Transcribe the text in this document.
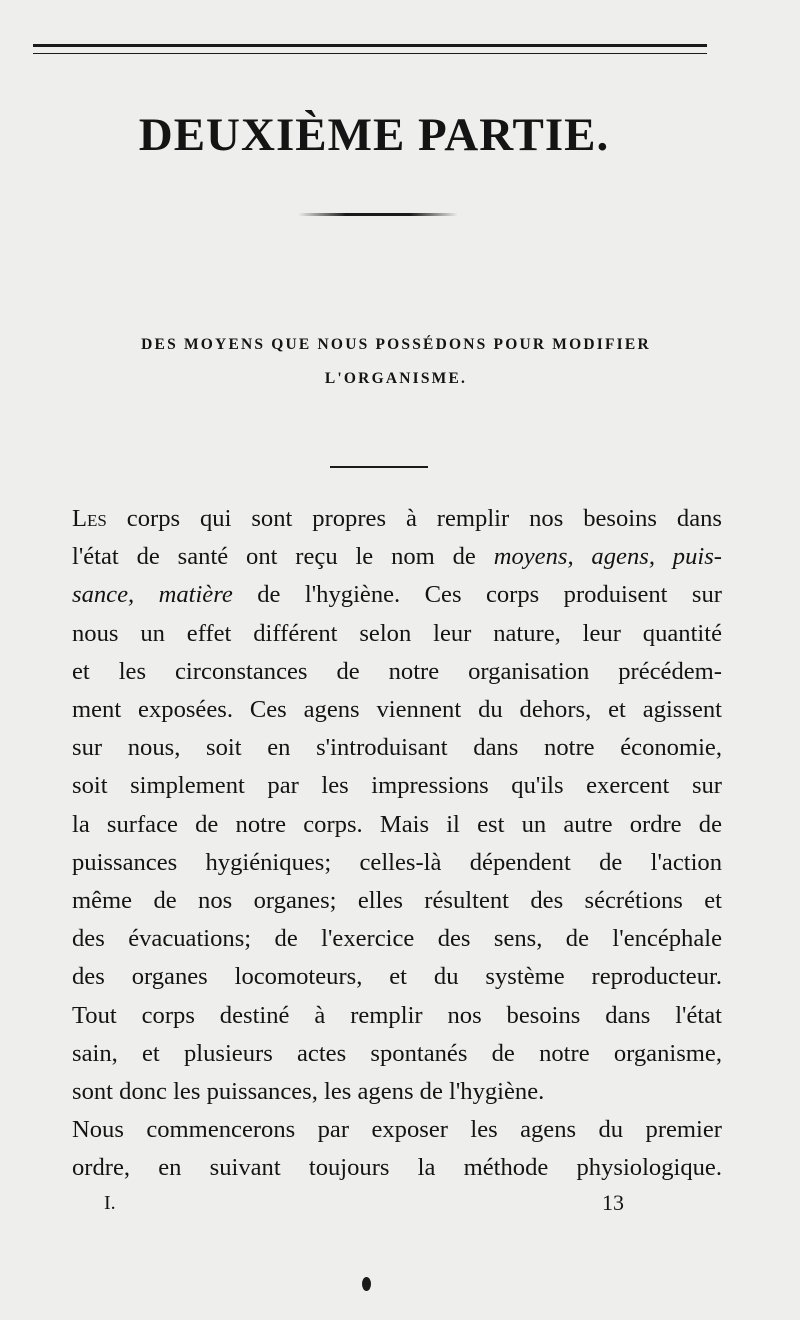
DEUXIÈME PARTIE.
DES MOYENS QUE NOUS POSSÉDONS POUR MODIFIER
L'ORGANISME.

Les corps qui sont propres à remplir nos besoins dans
l'état de santé ont reçu le nom de moyens, agens, puis-
sance, matière de l'hygiène. Ces corps produisent sur
nous un effet différent selon leur nature, leur quantité
et les circonstances de notre organisation précédem-
ment exposées. Ces agens viennent du dehors, et agissent
sur nous, soit en s'introduisant dans notre économie,
soit simplement par les impressions qu'ils exercent sur
la surface de notre corps. Mais il est un autre ordre de
puissances hygiéniques; celles-là dépendent de l'action
même de nos organes; elles résultent des sécrétions et
des évacuations; de l'exercice des sens, de l'encéphale
des organes locomoteurs, et du système reproducteur.

Tout corps destiné à remplir nos besoins dans l'état
sain, et plusieurs actes spontanés de notre organisme,
sont donc les puissances, les agens de l'hygiène.

Nous commencerons par exposer les agens du premier
ordre, en suivant toujours la méthode physiologique.

I.	13
